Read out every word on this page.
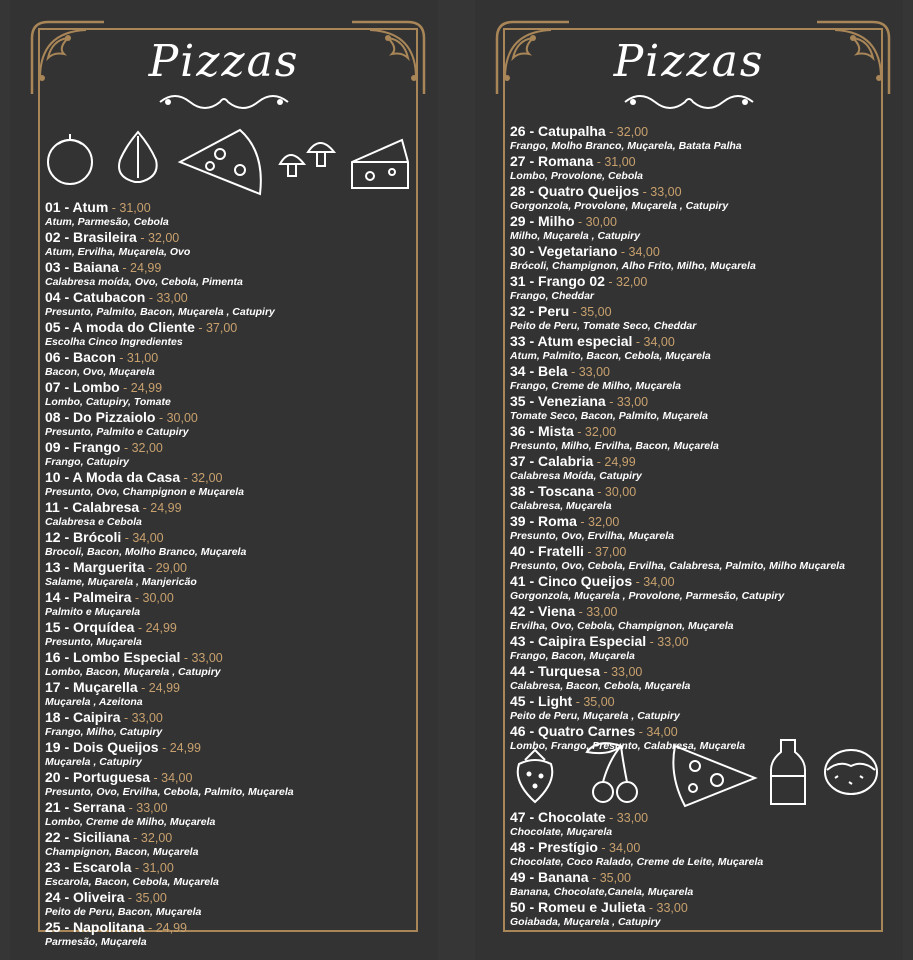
Pizzas
01 - Atum - 31,00
Atum, Parmesão, Cebola
02 - Brasileira - 32,00
Atum, Ervilha, Muçarela, Ovo
03 - Baiana - 24,99
Calabresa moída, Ovo, Cebola, Pimenta
04 - Catubacon - 33,00
Presunto, Palmito, Bacon, Muçarela , Catupiry
05 - A moda do Cliente - 37,00
Escolha Cinco Ingredientes
06 - Bacon - 31,00
Bacon, Ovo, Muçarela
07 - Lombo - 24,99
Lombo, Catupiry, Tomate
08 - Do Pizzaiolo - 30,00
Presunto, Palmito e Catupiry
09 - Frango - 32,00
Frango, Catupiry
10 - A Moda da Casa - 32,00
Presunto, Ovo, Champignon e Muçarela
11 - Calabresa - 24,99
Calabresa e Cebola
12 - Brócoli - 34,00
Brocoli, Bacon, Molho Branco, Muçarela
13 - Marguerita - 29,00
Salame, Muçarela , Manjericão
14 - Palmeira - 30,00
Palmito e Muçarela
15 - Orquídea - 24,99
Presunto, Muçarela
16 - Lombo Especial - 33,00
Lombo, Bacon, Muçarela , Catupiry
17 - Muçarella - 24,99
Muçarela , Azeitona
18 - Caipira - 33,00
Frango, Milho, Catupiry
19 - Dois Queijos - 24,99
Muçarela , Catupiry
20 - Portuguesa - 34,00
Presunto, Ovo, Ervilha, Cebola, Palmito, Muçarela
21 - Serrana - 33,00
Lombo, Creme de Milho, Muçarela
22 - Siciliana - 32,00
Champignon, Bacon, Muçarela
23 - Escarola - 31,00
Escarola, Bacon, Cebola, Muçarela
24 - Oliveira - 35,00
Peito de Peru, Bacon, Muçarela
25 - Napolitana - 24,99
Parmesão, Muçarela
Pizzas
26 - Catupalha - 32,00
Frango, Molho Branco, Muçarela, Batata Palha
27 - Romana - 31,00
Lombo, Provolone, Cebola
28 - Quatro Queijos - 33,00
Gorgonzola, Provolone, Muçarela , Catupiry
29 - Milho - 30,00
Milho, Muçarela , Catupiry
30 - Vegetariano - 34,00
Brócoli, Champignon, Alho Frito, Milho, Muçarela
31 - Frango 02 - 32,00
Frango, Cheddar
32 - Peru - 35,00
Peito de Peru, Tomate Seco, Cheddar
33 - Atum especial - 34,00
Atum, Palmito, Bacon, Cebola, Muçarela
34 - Bela - 33,00
Frango, Creme de Milho, Muçarela
35 - Veneziana - 33,00
Tomate Seco, Bacon, Palmito, Muçarela
36 - Mista - 32,00
Presunto, Milho, Ervilha, Bacon, Muçarela
37 - Calabria - 24,99
Calabresa Moída, Catupiry
38 - Toscana - 30,00
Calabresa, Muçarela
39 - Roma - 32,00
Presunto, Ovo, Ervilha, Muçarela
40 - Fratelli - 37,00
Presunto, Ovo, Cebola, Ervilha, Calabresa, Palmito, Milho Muçarela
41 - Cinco Queijos - 34,00
Gorgonzola, Muçarela , Provolone, Parmesão, Catupiry
42 - Viena - 33,00
Ervilha, Ovo, Cebola, Champignon, Muçarela
43 - Caipira Especial - 33,00
Frango, Bacon, Muçarela
44 - Turquesa - 33,00
Calabresa, Bacon, Cebola, Muçarela
45 - Light - 35,00
Peito de Peru, Muçarela , Catupiry
46 - Quatro Carnes - 34,00
Lombo, Frango, Presunto, Calabresa, Muçarela
47 - Chocolate - 33,00
Chocolate, Muçarela
48 - Prestígio - 34,00
Chocolate, Coco Ralado, Creme de Leite, Muçarela
49 - Banana - 35,00
Banana, Chocolate,Canela, Muçarela
50 - Romeu e Julieta - 33,00
Goiabada, Muçarela , Catupiry
